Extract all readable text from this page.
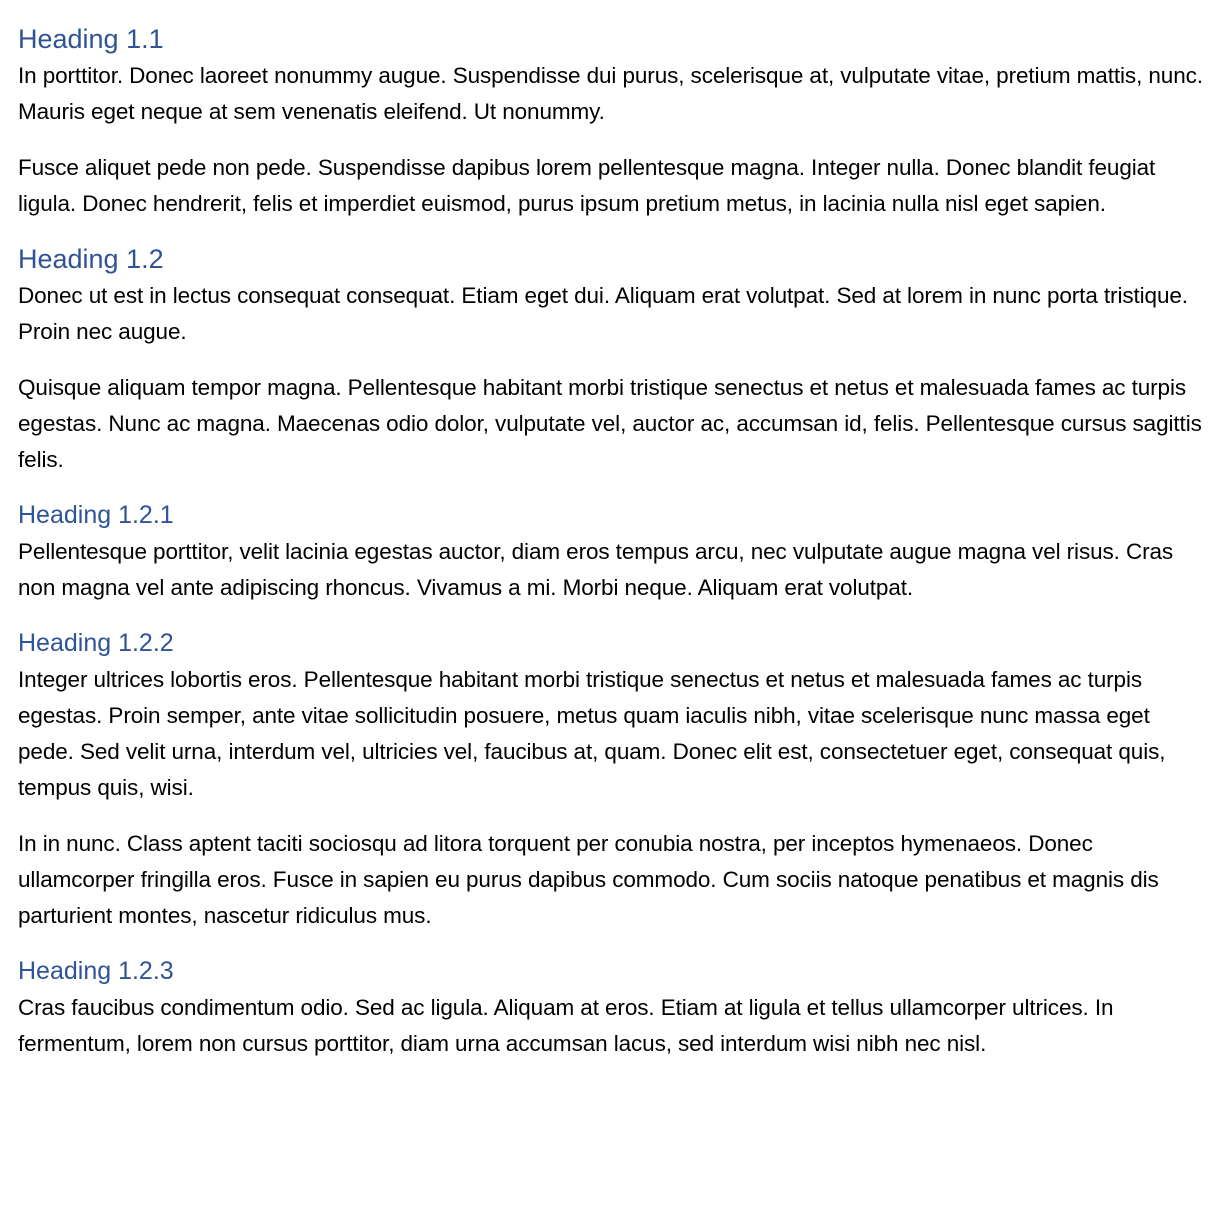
Heading 1.1

In porttitor. Donec laoreet nonummy augue. Suspendisse dui purus, scelerisque at, vulputate vitae, pretium mattis, nunc. Mauris eget neque at sem venenatis eleifend. Ut nonummy.

Fusce aliquet pede non pede. Suspendisse dapibus lorem pellentesque magna. Integer nulla. Donec blandit feugiat ligula. Donec hendrerit, felis et imperdiet euismod, purus ipsum pretium metus, in lacinia nulla nisl eget sapien.

Heading 1.2

Donec ut est in lectus consequat consequat. Etiam eget dui. Aliquam erat volutpat. Sed at lorem in nunc porta tristique. Proin nec augue.

Quisque aliquam tempor magna. Pellentesque habitant morbi tristique senectus et netus et malesuada fames ac turpis egestas. Nunc ac magna. Maecenas odio dolor, vulputate vel, auctor ac, accumsan id, felis. Pellentesque cursus sagittis felis.

Heading 1.2.1

Pellentesque porttitor, velit lacinia egestas auctor, diam eros tempus arcu, nec vulputate augue magna vel risus. Cras non magna vel ante adipiscing rhoncus. Vivamus a mi. Morbi neque. Aliquam erat volutpat.

Heading 1.2.2

Integer ultrices lobortis eros. Pellentesque habitant morbi tristique senectus et netus et malesuada fames ac turpis egestas. Proin semper, ante vitae sollicitudin posuere, metus quam iaculis nibh, vitae scelerisque nunc massa eget pede. Sed velit urna, interdum vel, ultricies vel, faucibus at, quam. Donec elit est, consectetuer eget, consequat quis, tempus quis, wisi.

In in nunc. Class aptent taciti sociosqu ad litora torquent per conubia nostra, per inceptos hymenaeos. Donec ullamcorper fringilla eros. Fusce in sapien eu purus dapibus commodo. Cum sociis natoque penatibus et magnis dis parturient montes, nascetur ridiculus mus.

Heading 1.2.3

Cras faucibus condimentum odio. Sed ac ligula. Aliquam at eros. Etiam at ligula et tellus ullamcorper ultrices. In fermentum, lorem non cursus porttitor, diam urna accumsan lacus, sed interdum wisi nibh nec nisl.
